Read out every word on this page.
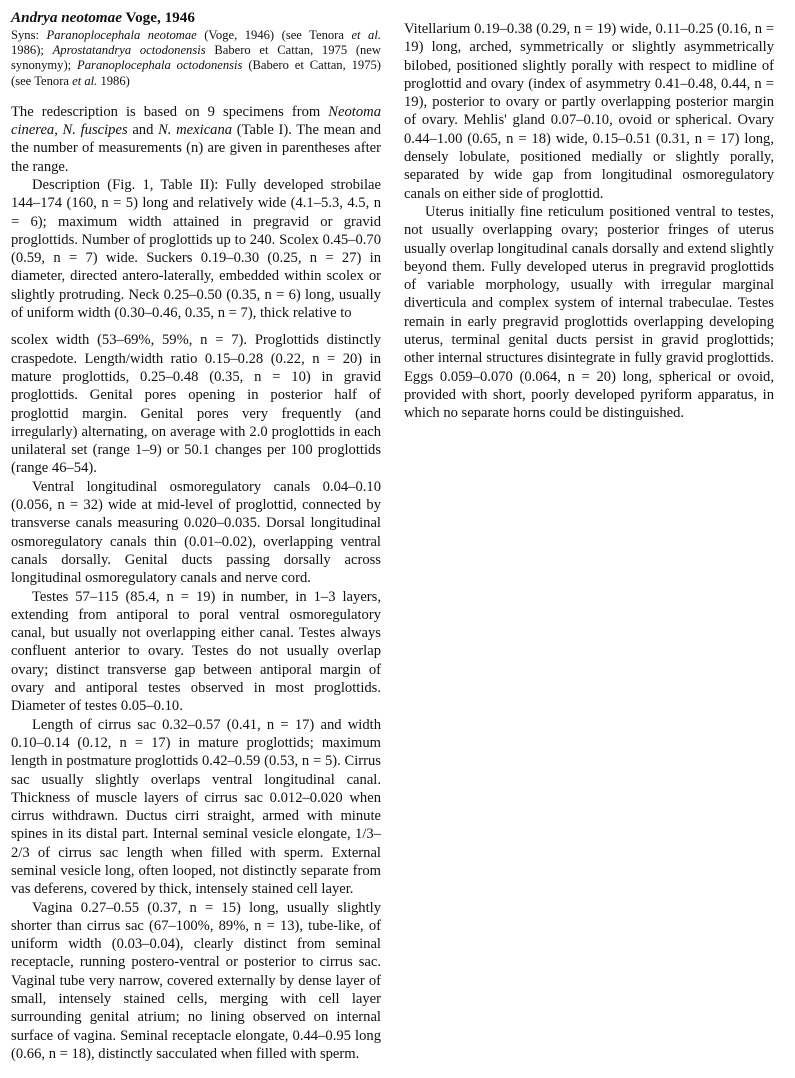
Andrya neotomae Voge, 1946
Syns: Paranoplocephala neotomae (Voge, 1946) (see Tenora et al. 1986); Aprostatandrya octodonensis Babero et Cattan, 1975 (new synonymy); Paranoplocephala octodonensis (Babero et Cattan, 1975) (see Tenora et al. 1986)

The redescription is based on 9 specimens from Neotoma cinerea, N. fuscipes and N. mexicana (Table I). The mean and the number of measurements (n) are given in parentheses after the range.

Description (Fig. 1, Table II): Fully developed strobilae 144–174 (160, n = 5) long and relatively wide (4.1–5.3, 4.5, n = 6); maximum width attained in pregravid or gravid proglottids. Number of proglottids up to 240. Scolex 0.45–0.70 (0.59, n = 7) wide. Suckers 0.19–0.30 (0.25, n = 27) in diameter, directed antero-laterally, embedded within scolex or slightly protruding. Neck 0.25–0.50 (0.35, n = 6) long, usually of uniform width (0.30–0.46, 0.35, n = 7), thick relative to

scolex width (53–69%, 59%, n = 7). Proglottids distinctly craspedote. Length/width ratio 0.15–0.28 (0.22, n = 20) in mature proglottids, 0.25–0.48 (0.35, n = 10) in gravid proglottids. Genital pores opening in posterior half of proglottid margin. Genital pores very frequently (and irregularly) alternating, on average with 2.0 proglottids in each unilateral set (range 1–9) or 50.1 changes per 100 proglottids (range 46–54).

Ventral longitudinal osmoregulatory canals 0.04–0.10 (0.056, n = 32) wide at mid-level of proglottid, connected by transverse canals measuring 0.020–0.035. Dorsal longitudinal osmoregulatory canals thin (0.01–0.02), overlapping ventral canals dorsally. Genital ducts passing dorsally across longitudinal osmoregulatory canals and nerve cord.

Testes 57–115 (85.4, n = 19) in number, in 1–3 layers, extending from antiporal to poral ventral osmoregulatory canal, but usually not overlapping either canal. Testes always confluent anterior to ovary. Testes do not usually overlap ovary; distinct transverse gap between antiporal margin of ovary and antiporal testes observed in most proglottids. Diameter of testes 0.05–0.10.

Length of cirrus sac 0.32–0.57 (0.41, n = 17) and width 0.10–0.14 (0.12, n = 17) in mature proglottids; maximum length in postmature proglottids 0.42–0.59 (0.53, n = 5). Cirrus sac usually slightly overlaps ventral longitudinal canal. Thickness of muscle layers of cirrus sac 0.012–0.020 when cirrus withdrawn. Ductus cirri straight, armed with minute spines in its distal part. Internal seminal vesicle elongate, 1/3–2/3 of cirrus sac length when filled with sperm. External seminal vesicle long, often looped, not distinctly separate from vas deferens, covered by thick, intensely stained cell layer.

Vagina 0.27–0.55 (0.37, n = 15) long, usually slightly shorter than cirrus sac (67–100%, 89%, n = 13), tube-like, of uniform width (0.03–0.04), clearly distinct from seminal receptacle, running postero-ventral or posterior to cirrus sac. Vaginal tube very narrow, covered externally by dense layer of small, intensely stained cells, merging with cell layer surrounding genital atrium; no lining observed on internal surface of vagina. Seminal receptacle elongate, 0.44–0.95 long (0.66, n = 18), distinctly sacculated when filled with sperm.

Vitellarium 0.19–0.38 (0.29, n = 19) wide, 0.11–0.25 (0.16, n = 19) long, arched, symmetrically or slightly asymmetrically bilobed, positioned slightly porally with respect to midline of proglottid and ovary (index of asymmetry 0.41–0.48, 0.44, n = 19), posterior to ovary or partly overlapping posterior margin of ovary. Mehlis' gland 0.07–0.10, ovoid or spherical. Ovary 0.44–1.00 (0.65, n = 18) wide, 0.15–0.51 (0.31, n = 17) long, densely lobulate, positioned medially or slightly porally, separated by wide gap from longitudinal osmoregulatory canals on either side of proglottid.

Uterus initially fine reticulum positioned ventral to testes, not usually overlapping ovary; posterior fringes of uterus usually overlap longitudinal canals dorsally and extend slightly beyond them. Fully developed uterus in pregravid proglottids of variable morphology, usually with irregular marginal diverticula and complex system of internal trabeculae. Testes remain in early pregravid proglottids overlapping developing uterus, terminal genital ducts persist in gravid proglottids; other internal structures disintegrate in fully gravid proglottids. Eggs 0.059–0.070 (0.064, n = 20) long, spherical or ovoid, provided with short, poorly developed pyriform apparatus, in which no separate horns could be distinguished.
